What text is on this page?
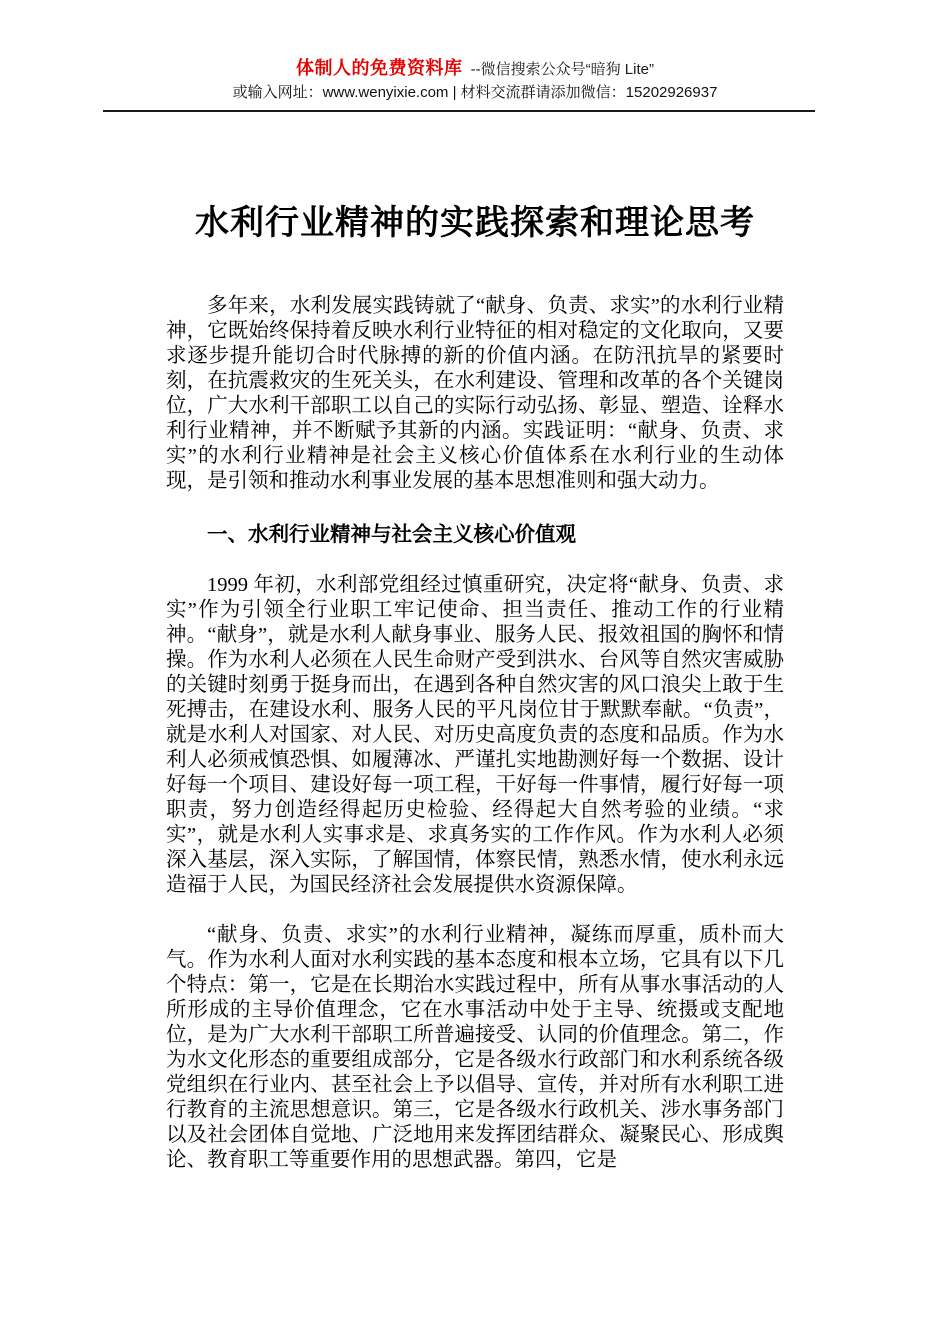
体制人的免费资料库 --微信搜索公众号“暗狗 Lite”
或输入网址：www.wenyixie.com | 材料交流群请添加微信：15202926937
水利行业精神的实践探索和理论思考

多年来，水利发展实践铸就了“献身、负责、求实”的水利行业精神，它既始终保持着反映水利行业特征的相对稳定的文化取向，又要求逐步提升能切合时代脉搏的新的价值内涵。在防汛抗旱的紧要时刻，在抗震救灾的生死关头，在水利建设、管理和改革的各个关键岗位，广大水利干部职工以自己的实际行动弘扬、彰显、塑造、诠释水利行业精神，并不断赋予其新的内涵。实践证明：“献身、负责、求实”的水利行业精神是社会主义核心价值体系在水利行业的生动体现，是引领和推动水利事业发展的基本思想准则和强大动力。

一、水利行业精神与社会主义核心价值观

1999 年初，水利部党组经过慎重研究，决定将“献身、负责、求实”作为引领全行业职工牢记使命、担当责任、推动工作的行业精神。“献身”，就是水利人献身事业、服务人民、报效祖国的胸怀和情操。作为水利人必须在人民生命财产受到洪水、台风等自然灾害威胁的关键时刻勇于挺身而出，在遇到各种自然灾害的风口浪尖上敢于生死搏击，在建设水利、服务人民的平凡岗位甘于默默奉献。“负责”，就是水利人对国家、对人民、对历史高度负责的态度和品质。作为水利人必须戒慎恐惧、如履薄冰、严谨扎实地勘测好每一个数据、设计好每一个项目、建设好每一项工程，干好每一件事情，履行好每一项职责，努力创造经得起历史检验、经得起大自然考验的业绩。“求实”，就是水利人实事求是、求真务实的工作作风。作为水利人必须深入基层，深入实际，了解国情，体察民情，熟悉水情，使水利永远造福于人民，为国民经济社会发展提供水资源保障。

“献身、负责、求实”的水利行业精神，凝练而厚重，质朴而大气。作为水利人面对水利实践的基本态度和根本立场，它具有以下几个特点：第一，它是在长期治水实践过程中，所有从事水事活动的人所形成的主导价值理念，它在水事活动中处于主导、统摄或支配地位，是为广大水利干部职工所普遍接受、认同的价值理念。第二，作为水文化形态的重要组成部分，它是各级水行政部门和水利系统各级党组织在行业内、甚至社会上予以倡导、宣传，并对所有水利职工进行教育的主流思想意识。第三，它是各级水行政机关、涉水事务部门以及社会团体自觉地、广泛地用来发挥团结群众、凝聚民心、形成舆论、教育职工等重要作用的思想武器。第四，它是
